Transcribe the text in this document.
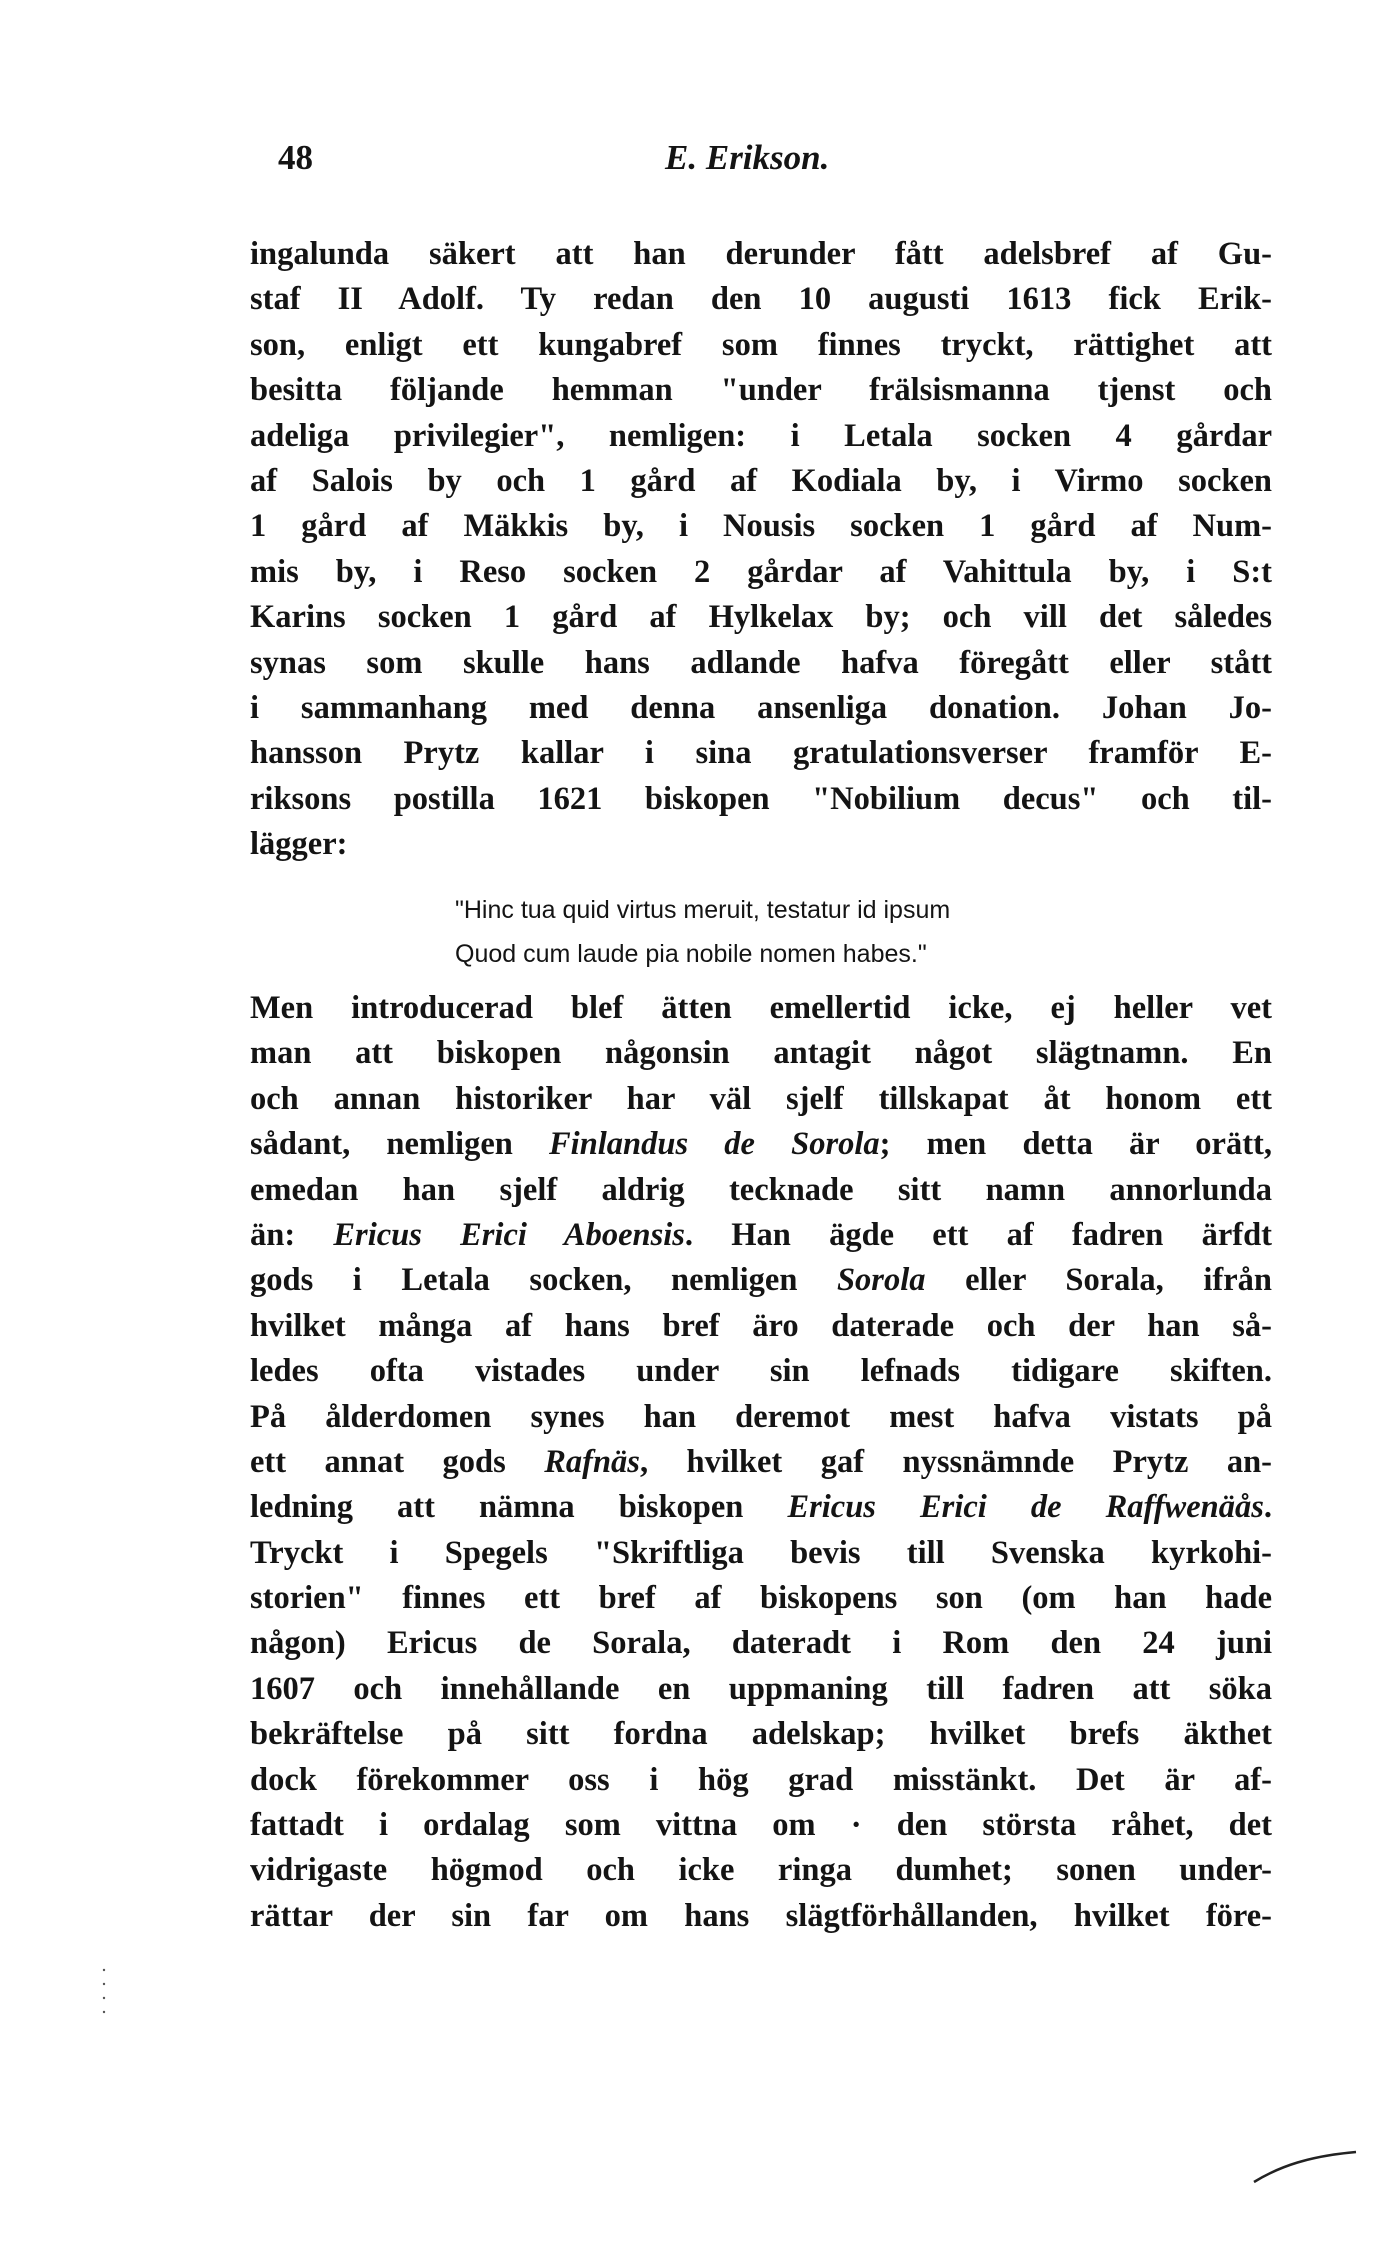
48	E. Erikson.
ingalunda säkert att han derunder fått adelsbref af Gu-
staf II Adolf. Ty redan den 10 augusti 1613 fick Erik-
son, enligt ett kungabref som finnes tryckt, rättighet att
besitta följande hemman "under frälsismanna tjenst och
adeliga privilegier", nemligen: i Letala socken 4 gårdar
af Salois by och 1 gård af Kodiala by, i Virmo socken
1 gård af Mäkkis by, i Nousis socken 1 gård af Num-
mis by, i Reso socken 2 gårdar af Vahittula by, i S:t
Karins socken 1 gård af Hylkelax by; och vill det således
synas som skulle hans adlande hafva föregått eller stått
i sammanhang med denna ansenliga donation. Johan Jo-
hansson Prytz kallar i sina gratulationsverser framför E-
riksons postilla 1621 biskopen "Nobilium decus" och til-
lägger:
"Hinc tua quid virtus meruit, testatur id ipsum
Quod cum laude pia nobile nomen habes."
Men introducerad blef ätten emellertid icke, ej heller vet
man att biskopen någonsin antagit något slägtnamn. En
och annan historiker har väl sjelf tillskapat åt honom ett
sådant, nemligen Finlandus de Sorola; men detta är orätt,
emedan han sjelf aldrig tecknade sitt namn annorlunda
än: Ericus Erici Aboensis. Han ägde ett af fadren ärfdt
gods i Letala socken, nemligen Sorola eller Sorala, ifrån
hvilket många af hans bref äro daterade och der han så-
ledes ofta vistades under sin lefnads tidigare skiften.
På ålderdomen synes han deremot mest hafva vistats på
ett annat gods Rafnäs, hvilket gaf nyssnämnde Prytz an-
ledning att nämna biskopen Ericus Erici de Raffwenäås.
Tryckt i Spegels "Skriftliga bevis till Svenska kyrkohi-
storien" finnes ett bref af biskopens son (om han hade
någon) Ericus de Sorala, dateradt i Rom den 24 juni
1607 och innehållande en uppmaning till fadren att söka
bekräftelse på sitt fordna adelskap; hvilket brefs äkthet
dock förekommer oss i hög grad misstänkt. Det är af-
fattadt i ordalag som vittna om · den största råhet, det
vidrigaste högmod och icke ringa dumhet; sonen under-
rättar der sin far om hans slägtförhållanden, hvilket före-
